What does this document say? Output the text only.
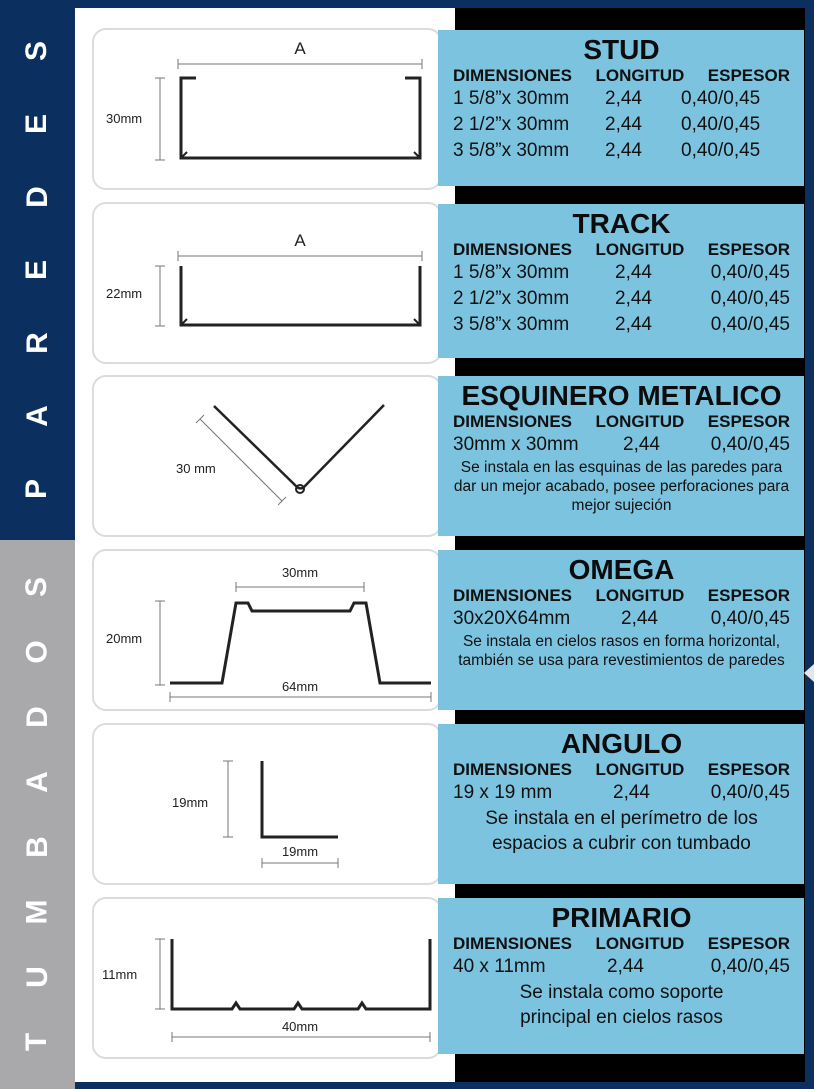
S
E
D
E
R
A
P
S
O
D
A
B
M
U
T
A
30mm
STUD
DIMENSIONES LONGITUD ESPESOR
1 5/8”x 30mm	2,44	0,40/0,45
2 1/2”x 30mm	2,44	0,40/0,45
3 5/8”x 30mm	2,44	0,40/0,45
A
22mm
TRACK
DIMENSIONES LONGITUD ESPESOR
1 5/8”x 30mm	2,44	0,40/0,45
2 1/2”x 30mm	2,44	0,40/0,45
3 5/8”x 30mm	2,44	0,40/0,45
30 mm
ESQUINERO METALICO
DIMENSIONES LONGITUD ESPESOR
30mm x 30mm	2,44	0,40/0,45
Se instala en las esquinas de las paredes para dar un mejor acabado, posee perforaciones para mejor sujeción
30mm
20mm
64mm
OMEGA
DIMENSIONES LONGITUD ESPESOR
30x20X64mm	2,44	0,40/0,45
Se instala en cielos rasos en forma horizontal, también se usa para revestimientos de paredes
19mm
19mm
ANGULO
DIMENSIONES LONGITUD ESPESOR
19 x 19 mm	2,44	0,40/0,45
Se instala en el perímetro de los espacios a cubrir con tumbado
11mm
40mm
PRIMARIO
DIMENSIONES LONGITUD ESPESOR
40 x 11mm	2,44	0,40/0,45
Se instala como soporte principal en cielos rasos
